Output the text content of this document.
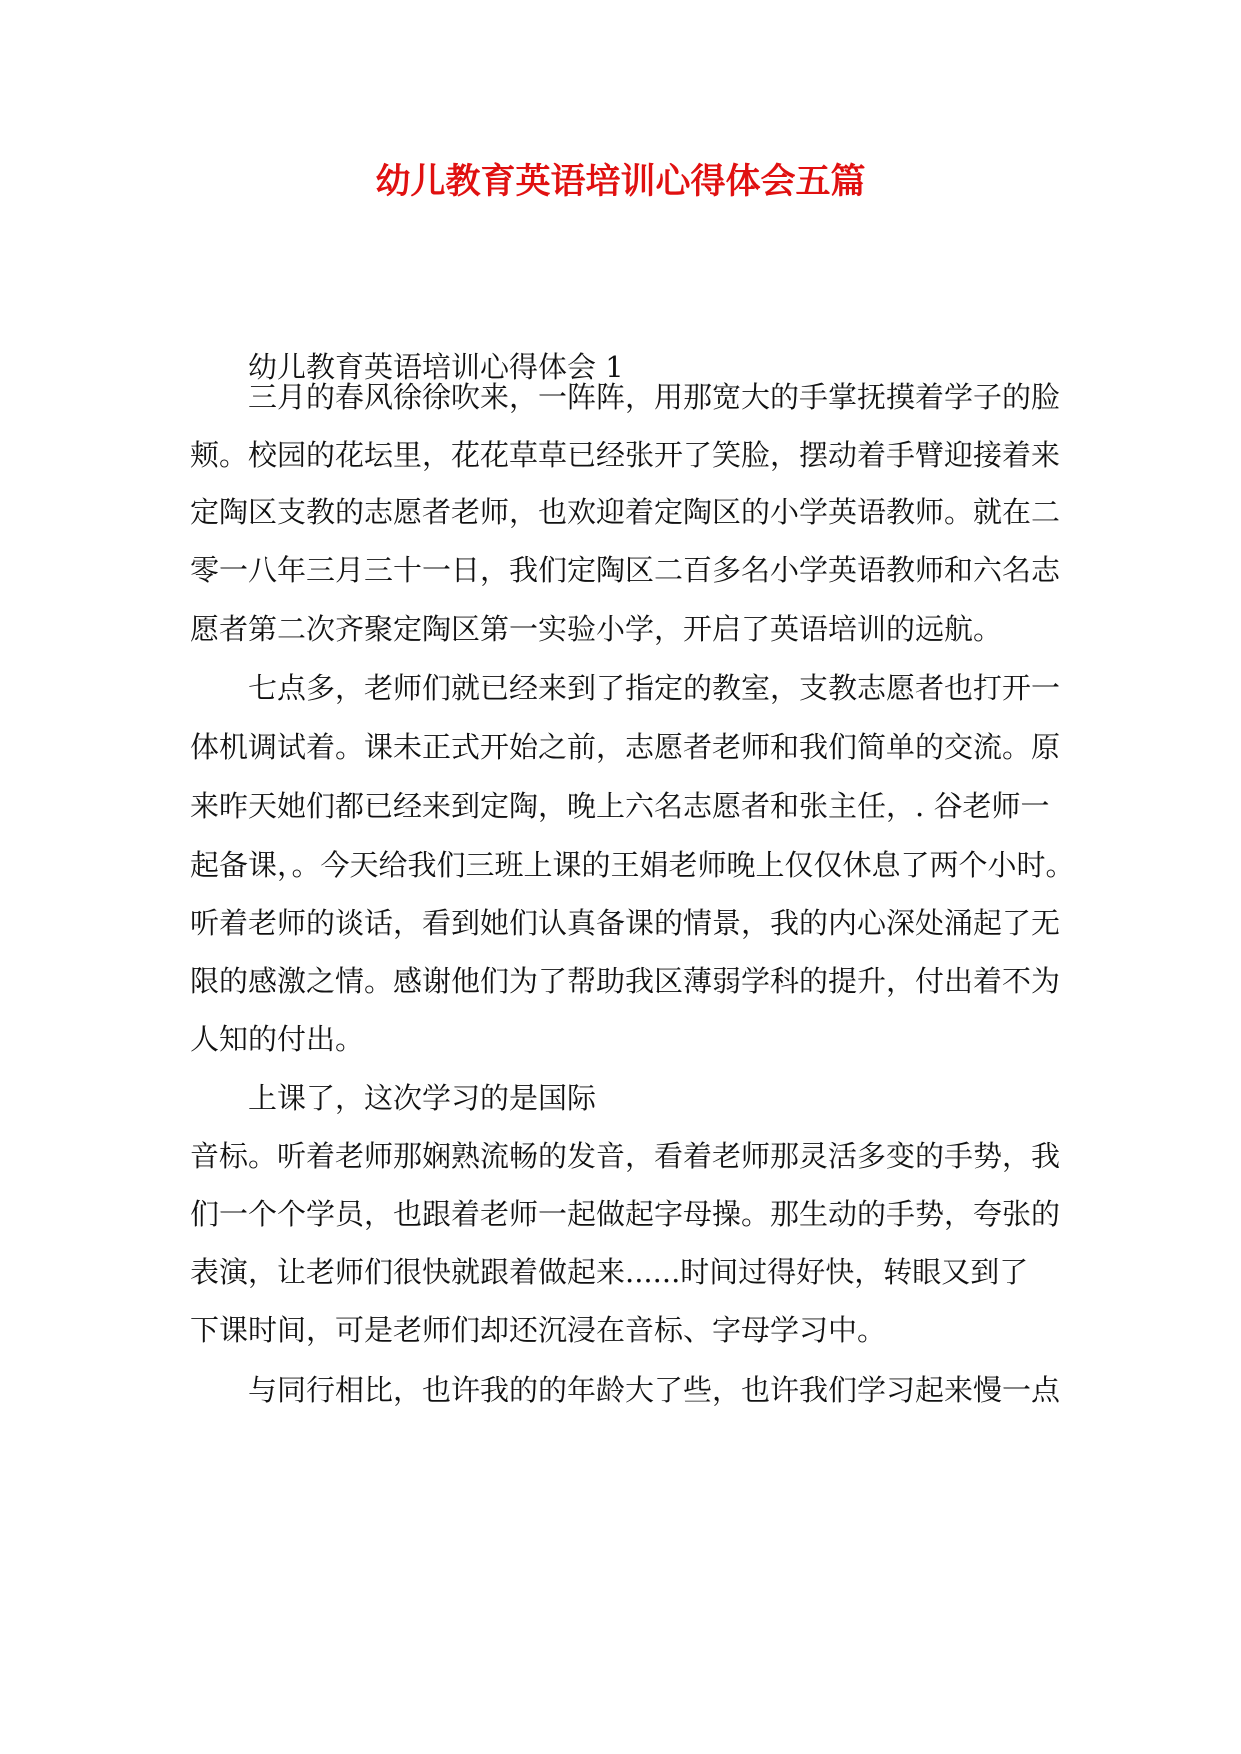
幼儿教育英语培训心得体会五篇

幼儿教育英语培训心得体会 1

三月的春风徐徐吹来，一阵阵，用那宽大的手掌抚摸着学子的脸

颊。校园的花坛里，花花草草已经张开了笑脸，摆动着手臂迎接着来

定陶区支教的志愿者老师，也欢迎着定陶区的小学英语教师。就在二

零一八年三月三十一日，我们定陶区二百多名小学英语教师和六名志

愿者第二次齐聚定陶区第一实验小学，开启了英语培训的远航。

七点多，老师们就已经来到了指定的教室，支教志愿者也打开一

体机调试着。课未正式开始之前，志愿者老师和我们简单的交流。原

来昨天她们都已经来到定陶，晚上六名志愿者和张主任，. 谷老师一

起备课，。今天给我们三班上课的王娟老师晚上仅仅休息了两个小时。

听着老师的谈话，看到她们认真备课的情景，我的内心深处涌起了无

限的感激之情。感谢他们为了帮助我区薄弱学科的提升，付出着不为

人知的付出。

上课了，这次学习的是国际

音标。听着老师那娴熟流畅的发音，看着老师那灵活多变的手势，我

们一个个学员，也跟着老师一起做起字母操。那生动的手势，夸张的

表演，让老师们很快就跟着做起来......时间过得好快，转眼又到了

下课时间，可是老师们却还沉浸在音标、字母学习中。

与同行相比，也许我的的年龄大了些，也许我们学习起来慢一点
